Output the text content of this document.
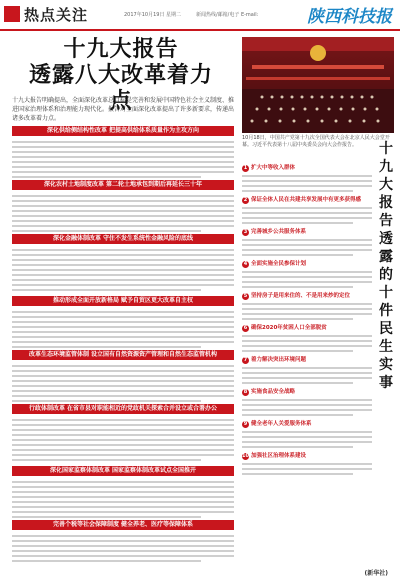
热点关注	2017年10月19日 星期二	新闻热线/邮箱/电子 E-mail:	陕西科技报
十九大报告
透露八大改革着力点
十九大报告明确提出，全面深化改革总目标是完善和发展中国特色社会主义制度、推进国家治理体系和治理能力现代化。报告对全面深化改革提出了许多新要求，传递出诸多改革着力点。
深化供给侧结构性改革 把提高供给体系质量作为主攻方向
深化农村土地制度改革 第二轮土地承包到期后再延长三十年
深化金融体制改革 守住不发生系统性金融风险的底线
推动形成全面开放新格局 赋予自贸区更大改革自主权
改革生态环境监管体制 设立国有自然资源资产管理和自然生态监管机构
行政体制改革 在省市县对职能相近的党政机关探索合并设立或合署办公
深化国家监察体制改革 国家监察体制改革试点全国推开
完善个税等社会保障制度 健全养老、医疗等保障体系
10月18日，中国共产党第十九次全国代表大会在北京人民大会堂开幕。习近平代表第十八届中央委员会向大会作报告。	十九大报告透露的十件民生实事
1 扩大中等收入群体
2 保证全体人民在共建共享发展中有更多获得感
3 完善城乡公共服务体系
4 全面实施全民参保计划
5 坚持房子是用来住的、不是用来炒的定位
6 确保2020年贫困人口全部脱贫
7 着力解决突出环境问题
8 实施食品安全战略
9 健全老年人关爱服务体系
10 加强社区治理体系建设
(新华社)
